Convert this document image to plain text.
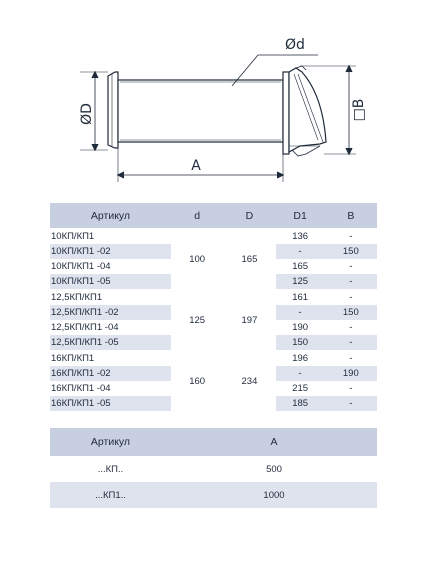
Ød
ØD
A
□B
Артикул	d	D	D1	B
10КП/КП1	100	165	136	-
10КП/КП1 -02			-	150
10КП/КП1 -04			165	-
10КП/КП1 -05			125	-
12,5КП/КП1	125	197	161	-
12,5КП/КП1 -02			-	150
12,5КП/КП1 -04			190	-
12,5КП/КП1 -05			150	-
16КП/КП1	160	234	196	-
16КП/КП1 -02			-	190
16КП/КП1 -04			215	-
16КП/КП1 -05			185	-
Артикул	A
...КП..	500
...КП1..	1000
